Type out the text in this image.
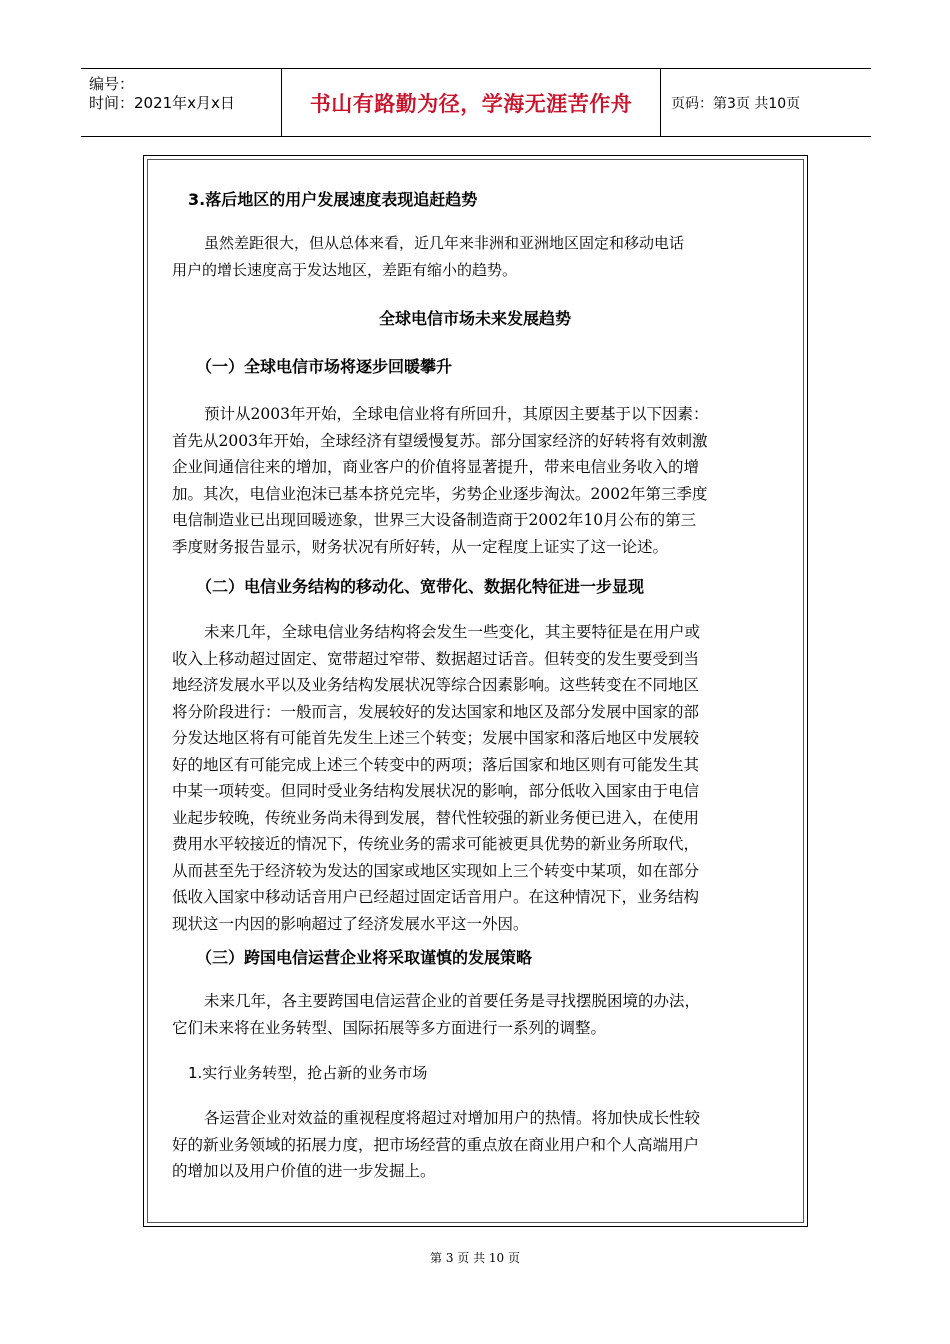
编号：
时间：2021年x月x日	书山有路勤为径，学海无涯苦作舟	页码：第3页 共10页
3.落后地区的用户发展速度表现追赶趋势
虽然差距很大，但从总体来看，近几年来非洲和亚洲地区固定和移动电话
用户的增长速度高于发达地区，差距有缩小的趋势。
全球电信市场未来发展趋势
（一）全球电信市场将逐步回暖攀升
预计从2003年开始，全球电信业将有所回升，其原因主要基于以下因素：
首先从2003年开始，全球经济有望缓慢复苏。部分国家经济的好转将有效刺激
企业间通信往来的增加，商业客户的价值将显著提升，带来电信业务收入的增
加。其次，电信业泡沫已基本挤兑完毕，劣势企业逐步淘汰。2002年第三季度
电信制造业已出现回暖迹象，世界三大设备制造商于2002年10月公布的第三
季度财务报告显示，财务状况有所好转，从一定程度上证实了这一论述。
（二）电信业务结构的移动化、宽带化、数据化特征进一步显现
未来几年，全球电信业务结构将会发生一些变化，其主要特征是在用户或
收入上移动超过固定、宽带超过窄带、数据超过话音。但转变的发生要受到当
地经济发展水平以及业务结构发展状况等综合因素影响。这些转变在不同地区
将分阶段进行：一般而言，发展较好的发达国家和地区及部分发展中国家的部
分发达地区将有可能首先发生上述三个转变；发展中国家和落后地区中发展较
好的地区有可能完成上述三个转变中的两项；落后国家和地区则有可能发生其
中某一项转变。但同时受业务结构发展状况的影响，部分低收入国家由于电信
业起步较晚，传统业务尚未得到发展，替代性较强的新业务便已进入，在使用
费用水平较接近的情况下，传统业务的需求可能被更具优势的新业务所取代，
从而甚至先于经济较为发达的国家或地区实现如上三个转变中某项，如在部分
低收入国家中移动话音用户已经超过固定话音用户。在这种情况下，业务结构
现状这一内因的影响超过了经济发展水平这一外因。
（三）跨国电信运营企业将采取谨慎的发展策略
未来几年，各主要跨国电信运营企业的首要任务是寻找摆脱困境的办法，
它们未来将在业务转型、国际拓展等多方面进行一系列的调整。
1.实行业务转型，抢占新的业务市场
各运营企业对效益的重视程度将超过对增加用户的热情。将加快成长性较
好的新业务领域的拓展力度，把市场经营的重点放在商业用户和个人高端用户
的增加以及用户价值的进一步发掘上。
第 3 页 共 10 页
